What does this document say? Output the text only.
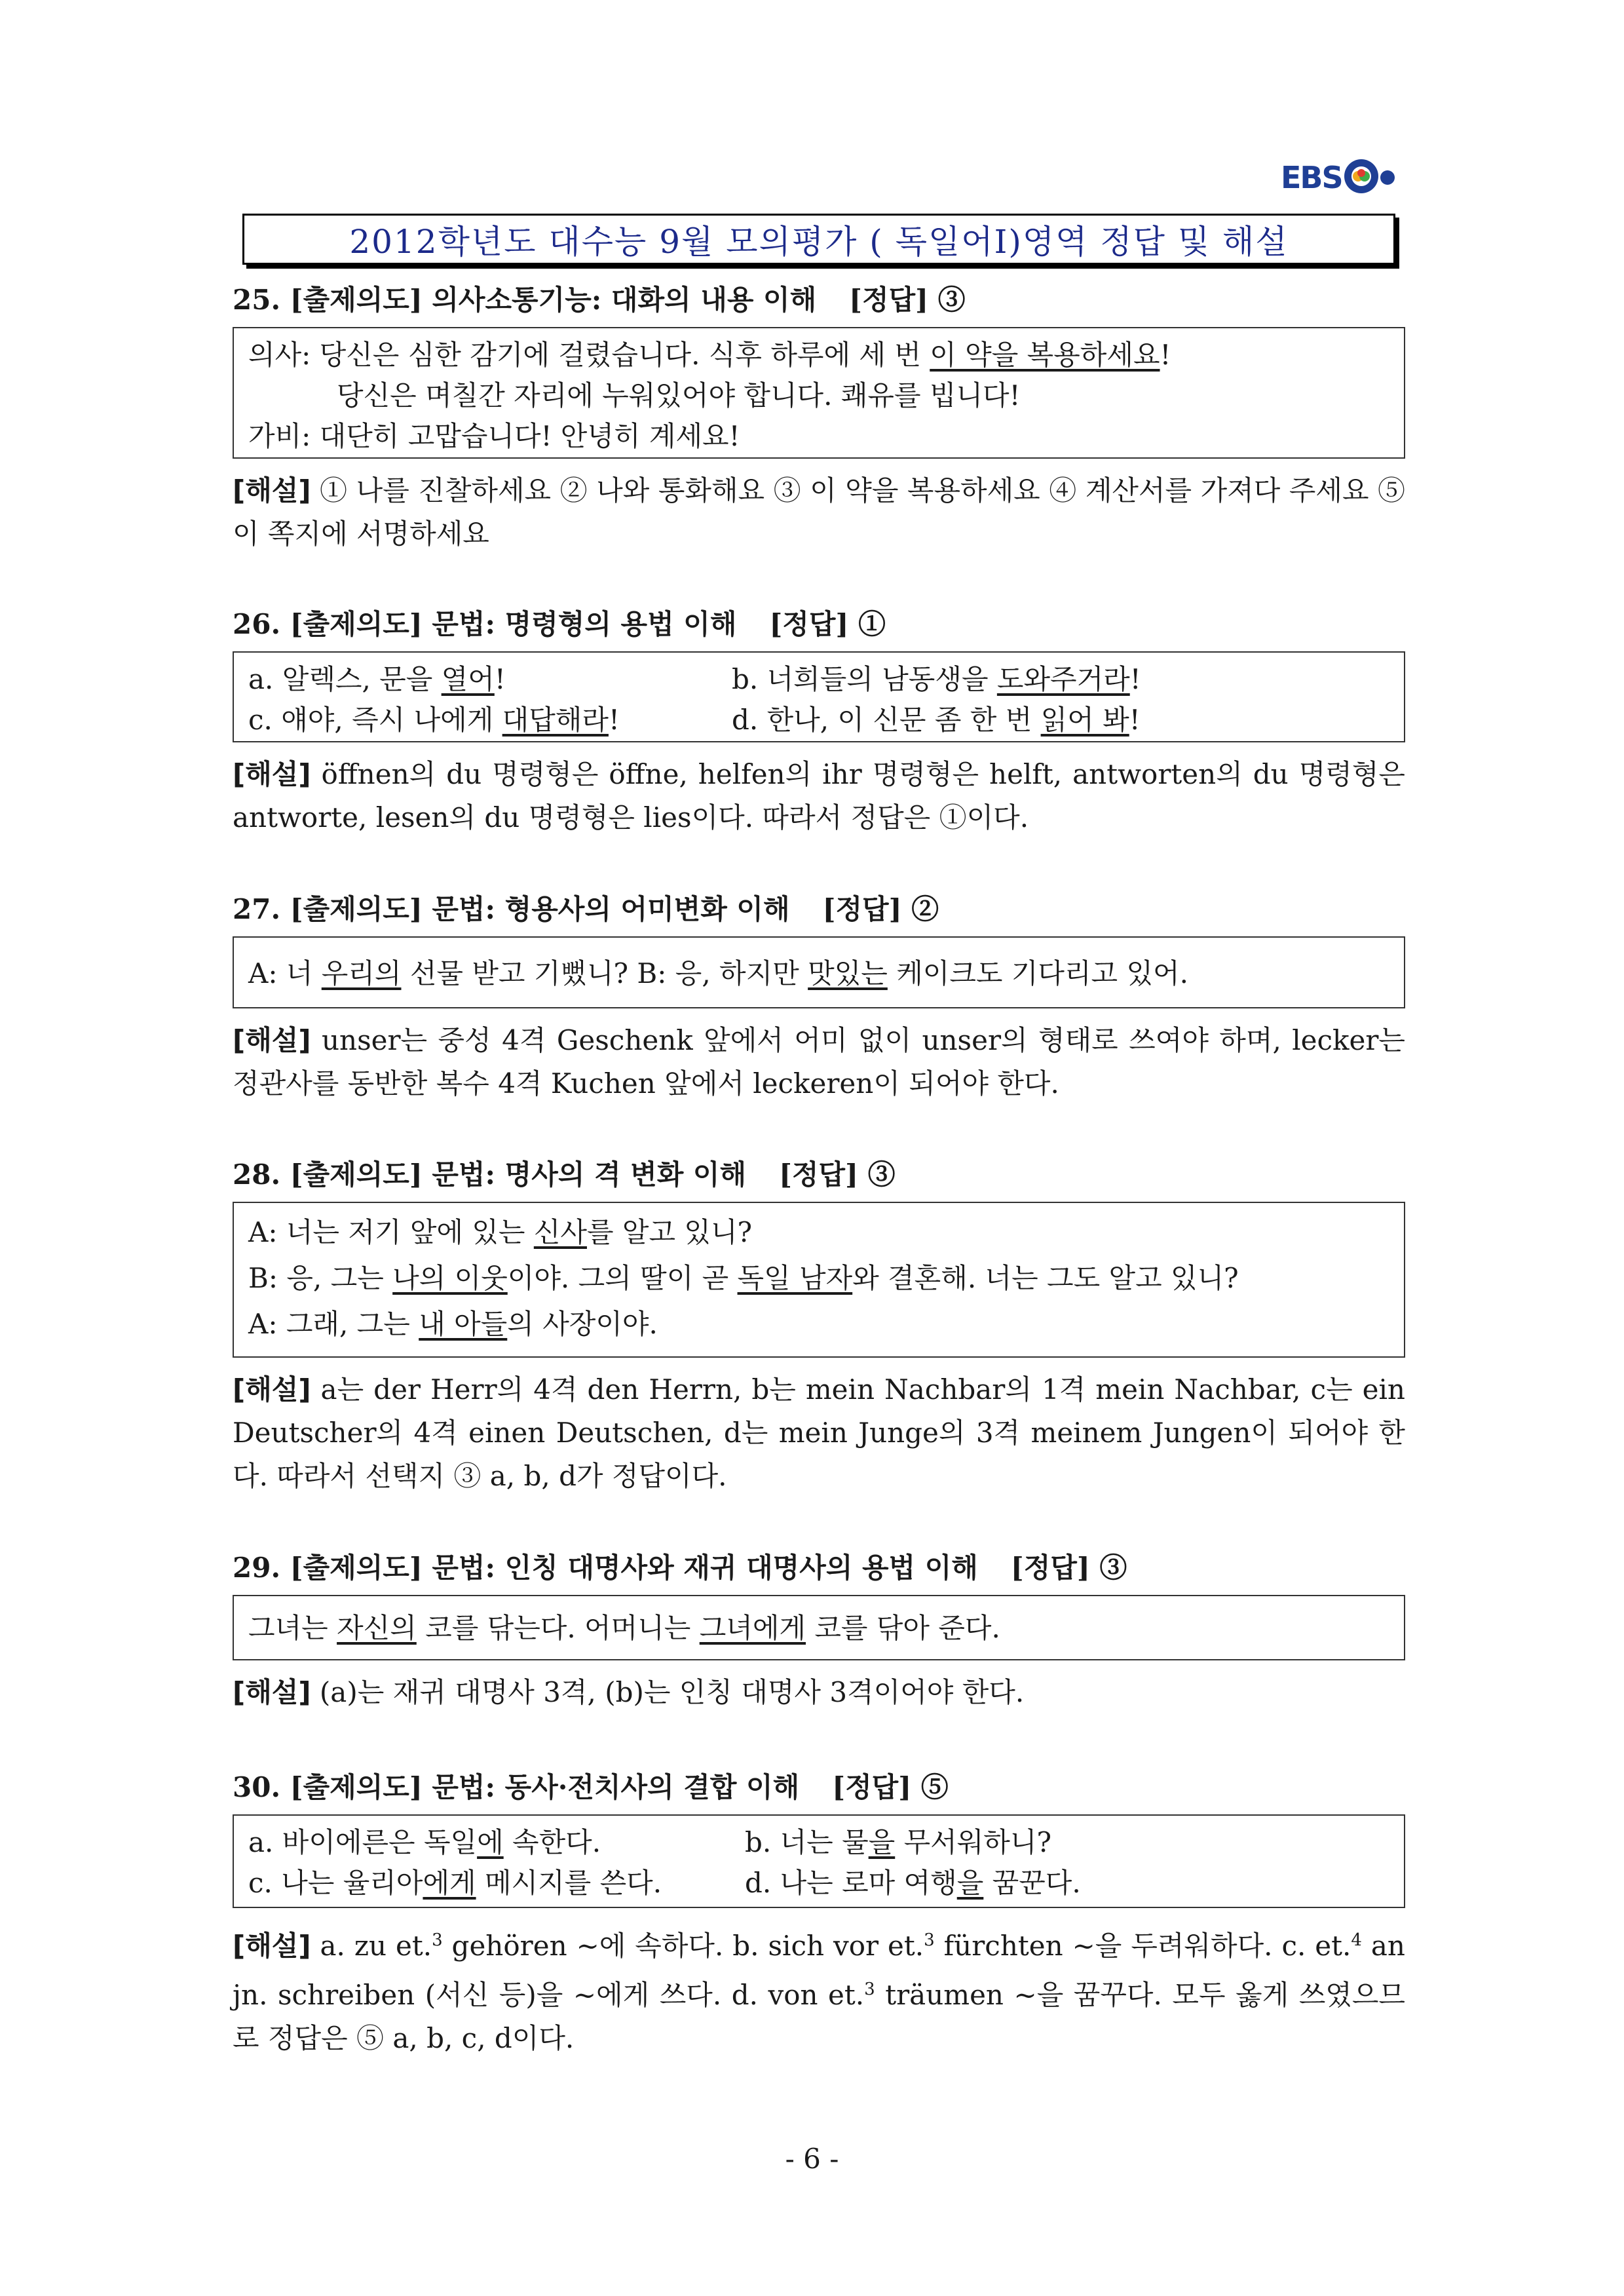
EBS
2012학년도 대수능 9월 모의평가 ( 독일어Ⅰ)영역 정답 및 해설
25. [출제의도] 의사소통기능: 대화의 내용 이해 [정답] ③
의사: 당신은 심한 감기에 걸렸습니다. 식후 하루에 세 번 이 약을 복용하세요!
당신은 며칠간 자리에 누워있어야 합니다. 쾌유를 빕니다!
가비: 대단히 고맙습니다! 안녕히 계세요!
[해설] ① 나를 진찰하세요 ② 나와 통화해요 ③ 이 약을 복용하세요 ④ 계산서를 가져다 주세요 ⑤ 이 쪽지에 서명하세요
26. [출제의도] 문법: 명령형의 용법 이해 [정답] ①
a. 알렉스, 문을 열어!	b. 너희들의 남동생을 도와주거라!
c. 얘야, 즉시 나에게 대답해라!	d. 한나, 이 신문 좀 한 번 읽어 봐!
[해설] öffnen의 du 명령형은 öffne, helfen의 ihr 명령형은 helft, antworten의 du 명령형은 antworte, lesen의 du 명령형은 lies이다. 따라서 정답은 ①이다.
27. [출제의도] 문법: 형용사의 어미변화 이해 [정답] ②
A: 너 우리의 선물 받고 기뻤니? B: 응, 하지만 맛있는 케이크도 기다리고 있어.
[해설] unser는 중성 4격 Geschenk 앞에서 어미 없이 unser의 형태로 쓰여야 하며, lecker는 정관사를 동반한 복수 4격 Kuchen 앞에서 leckeren이 되어야 한다.
28. [출제의도] 문법: 명사의 격 변화 이해 [정답] ③
A: 너는 저기 앞에 있는 신사를 알고 있니?
B: 응, 그는 나의 이웃이야. 그의 딸이 곧 독일 남자와 결혼해. 너는 그도 알고 있니?
A: 그래, 그는 내 아들의 사장이야.
[해설] a는 der Herr의 4격 den Herrn, b는 mein Nachbar의 1격 mein Nachbar, c는 ein Deutscher의 4격 einen Deutschen, d는 mein Junge의 3격 meinem Jungen이 되어야 한다. 따라서 선택지 ③ a, b, d가 정답이다.
29. [출제의도] 문법: 인칭 대명사와 재귀 대명사의 용법 이해 [정답] ③
그녀는 자신의 코를 닦는다. 어머니는 그녀에게 코를 닦아 준다.
[해설] (a)는 재귀 대명사 3격, (b)는 인칭 대명사 3격이어야 한다.
30. [출제의도] 문법: 동사·전치사의 결합 이해 [정답] ⑤
a. 바이에른은 독일에 속한다.	b. 너는 물을 무서워하니?
c. 나는 율리아에게 메시지를 쓴다.	d. 나는 로마 여행을 꿈꾼다.
[해설] a. zu et.$^3$ gehören ∼에 속하다. b. sich vor et.$^3$ fürchten ∼을 두려워하다. c. et.$^4$ an jn. schreiben (서신 등)을 ∼에게 쓰다. d. von et.$^3$ träumen ∼을 꿈꾸다. 모두 옳게 쓰였으므로 정답은 ⑤ a, b, c, d이다.
- 6 -
